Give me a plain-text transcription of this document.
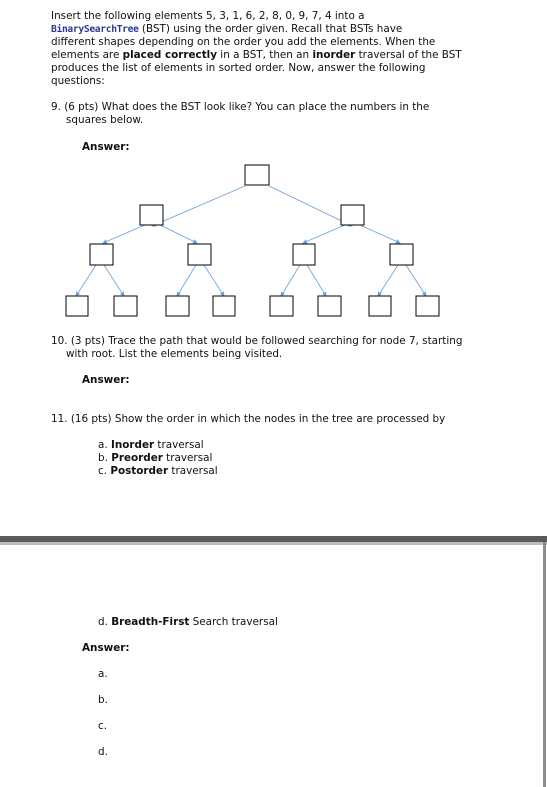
Insert the following elements 5, 3, 1, 6, 2, 8, 0, 9, 7, 4 into a
BinarySearchTree (BST) using the order given. Recall that BSTs have
different shapes depending on the order you add the elements. When the
elements are placed correctly in a BST, then an inorder traversal of the BST
produces the list of elements in sorted order. Now, answer the following
questions:
9. (6 pts) What does the BST look like? You can place the numbers in the
squares below.
Answer:
10. (3 pts) Trace the path that would be followed searching for node 7, starting
with root. List the elements being visited.
Answer:
11. (16 pts) Show the order in which the nodes in the tree are processed by
a. Inorder traversal
b. Preorder traversal
c. Postorder traversal
d. Breadth-First Search traversal
Answer:
a.
b.
c.
d.
